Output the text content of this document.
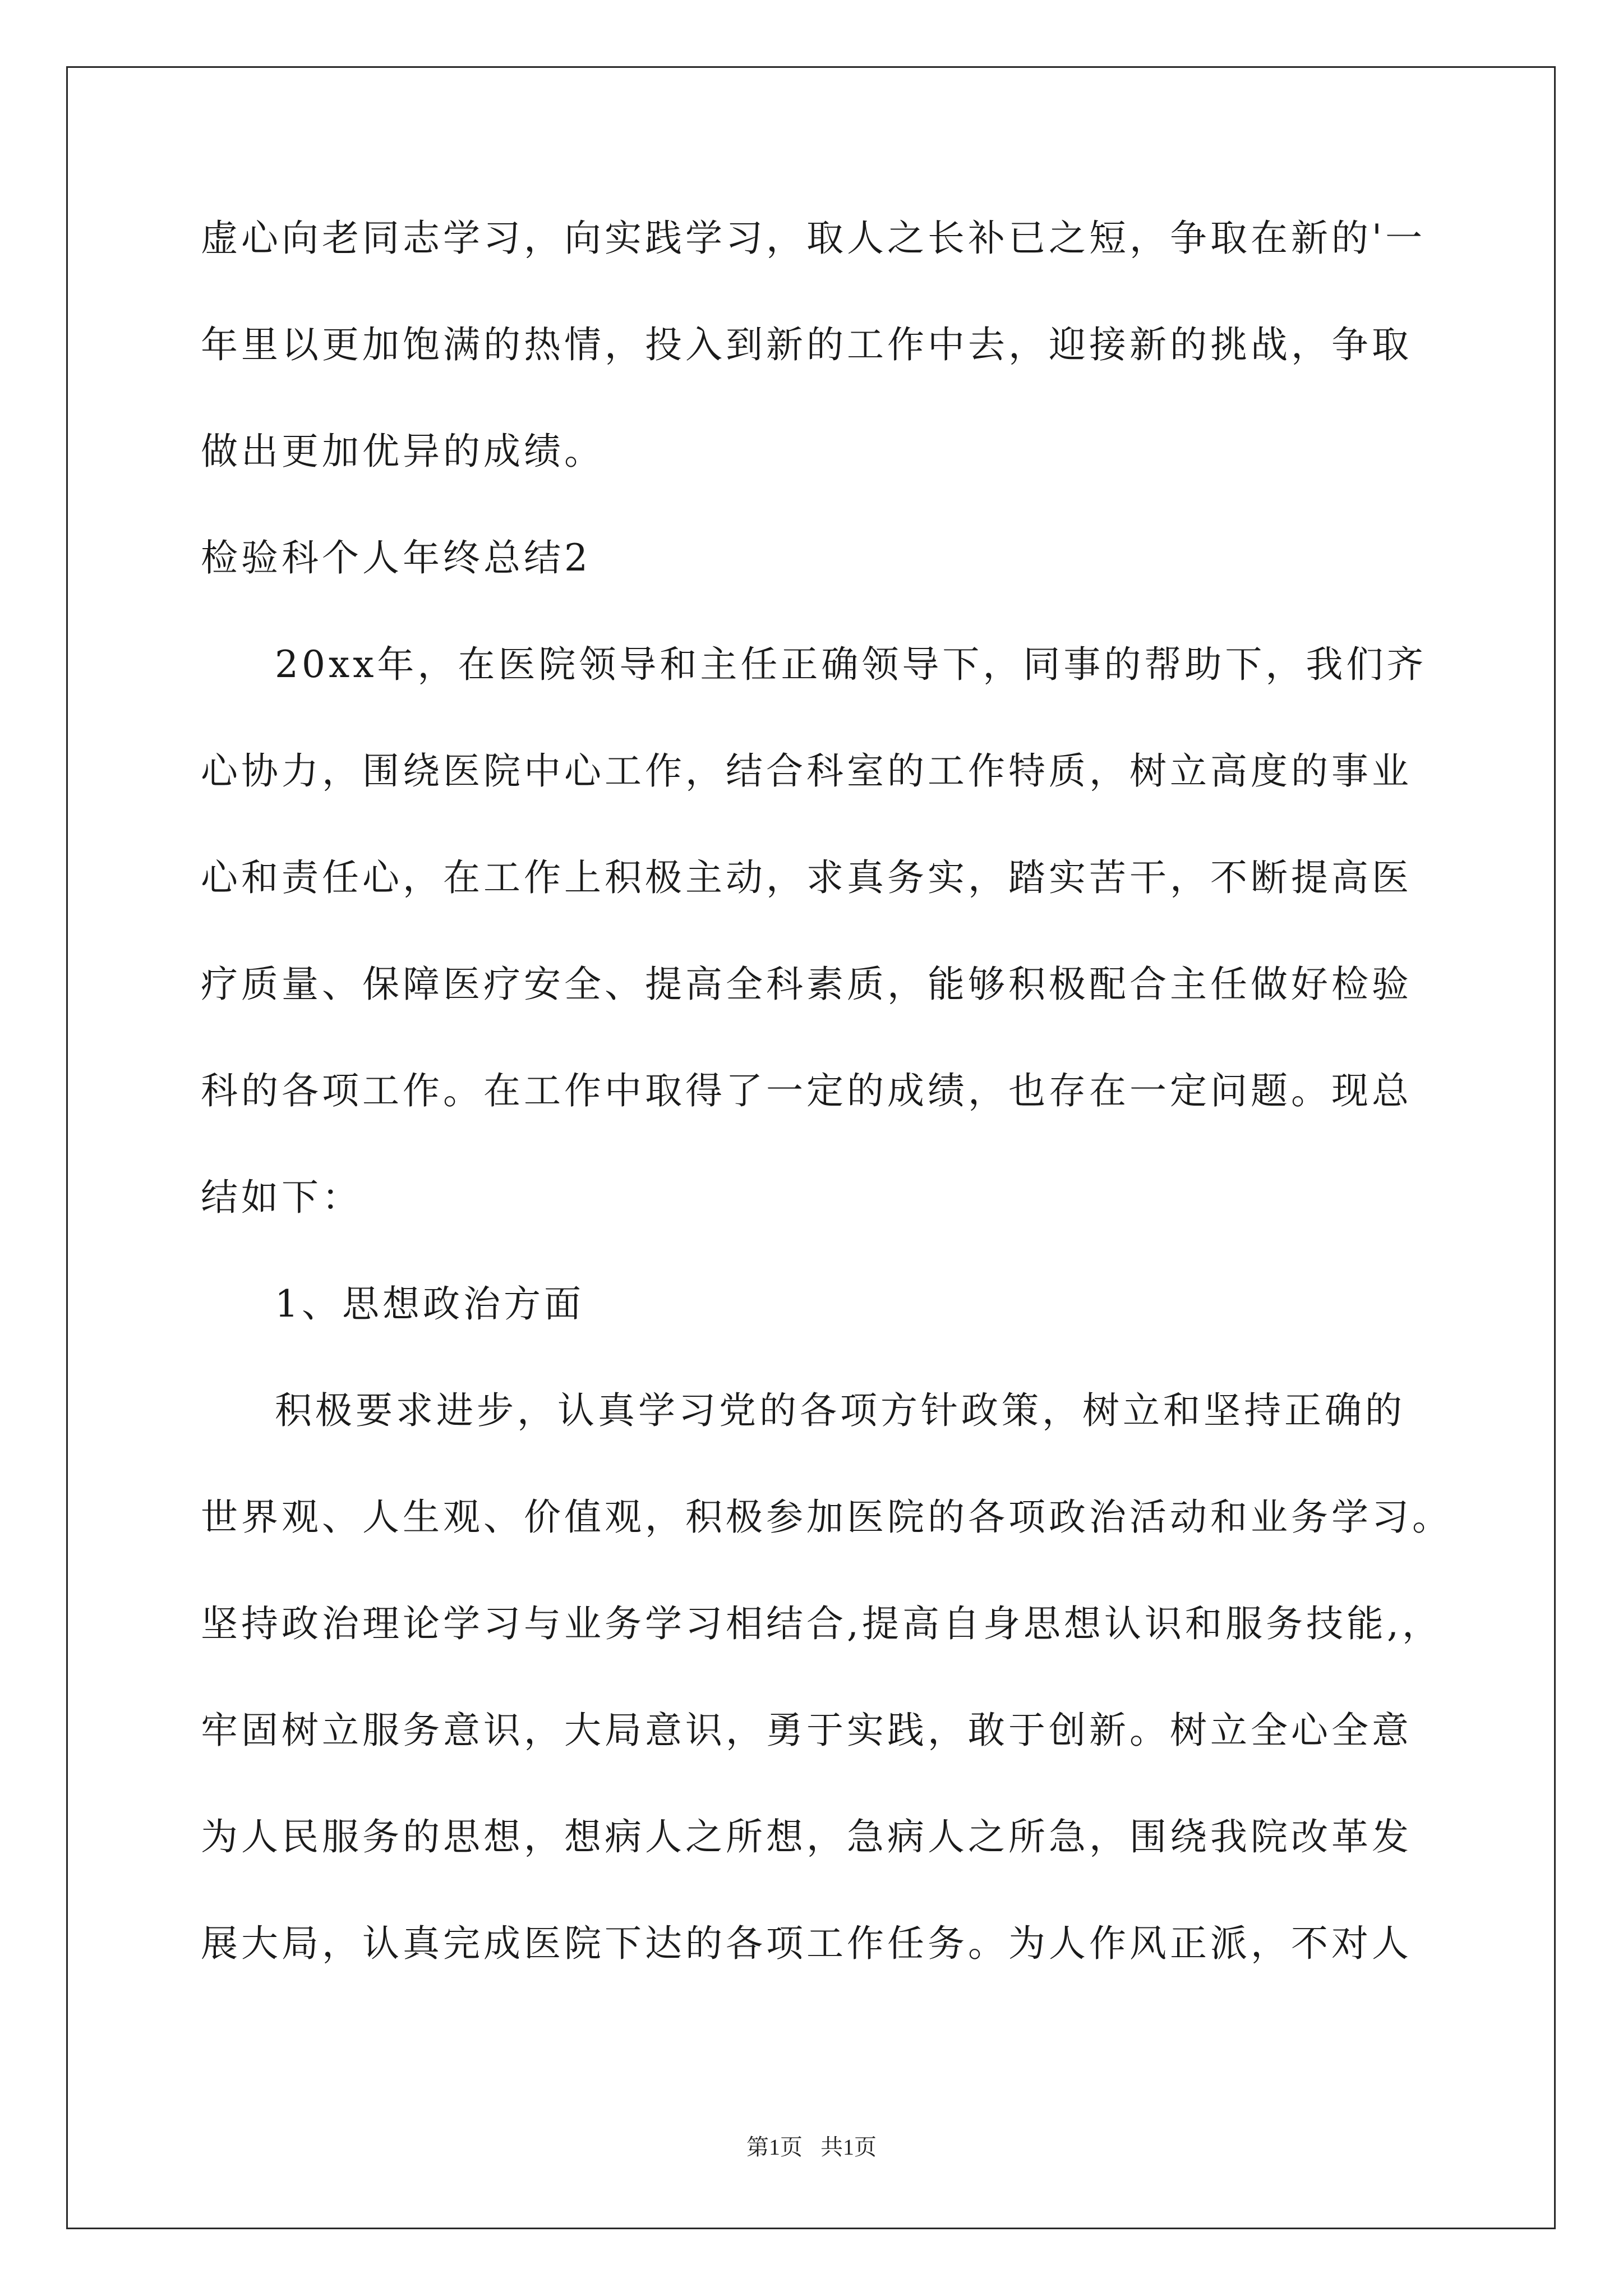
虚心向老同志学习，向实践学习，取人之长补已之短，争取在新的'一
年里以更加饱满的热情，投入到新的工作中去，迎接新的挑战，争取
做出更加优异的成绩。
检验科个人年终总结2
20xx年，在医院领导和主任正确领导下，同事的帮助下，我们齐
心协力，围绕医院中心工作，结合科室的工作特质，树立高度的事业
心和责任心，在工作上积极主动，求真务实，踏实苦干，不断提高医
疗质量、保障医疗安全、提高全科素质，能够积极配合主任做好检验
科的各项工作。在工作中取得了一定的成绩，也存在一定问题。现总
结如下：
1、思想政治方面
积极要求进步，认真学习党的各项方针政策，树立和坚持正确的
世界观、人生观、价值观，积极参加医院的各项政治活动和业务学习。
坚持政治理论学习与业务学习相结合,提高自身思想认识和服务技能,，
牢固树立服务意识，大局意识，勇于实践，敢于创新。树立全心全意
为人民服务的思想，想病人之所想，急病人之所急，围绕我院改革发
展大局，认真完成医院下达的各项工作任务。为人作风正派，不对人
第1页 共1页
